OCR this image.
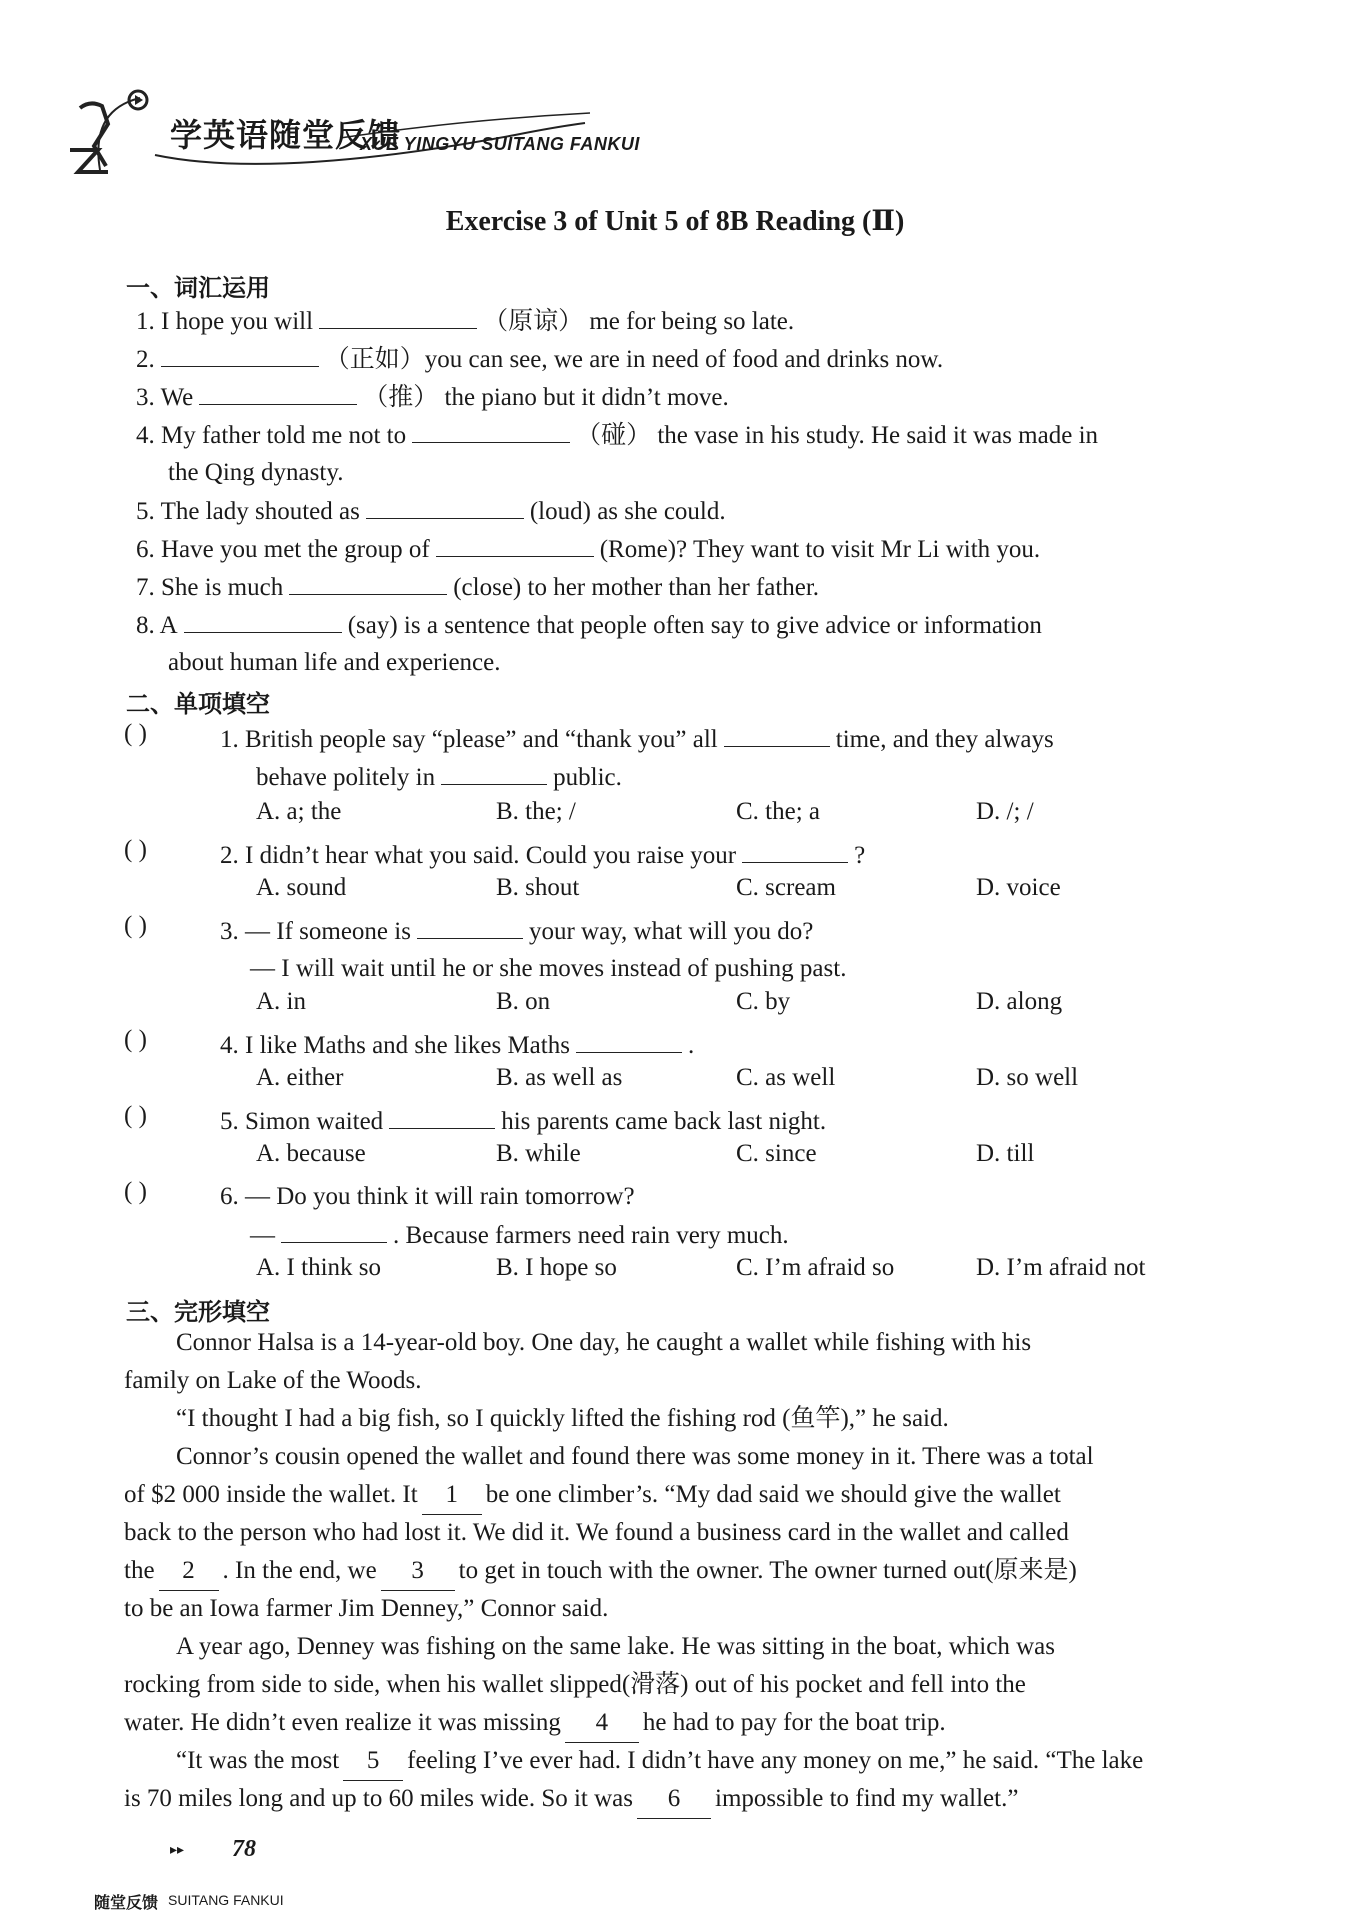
学英语随堂反馈
XUE YINGYU SUITANG FANKUI
Exercise 3 of Unit 5 of 8B Reading (Ⅱ)
一、词汇运用
1. I hope you will	（原谅） me for being so late.
2.	（正如）you can see, we are in need of food and drinks now.
3. We	（推） the piano but it didn’t move.
4. My father told me not to	（碰） the vase in his study. He said it was made in
the Qing dynasty.
5. The lady shouted as	(loud) as she could.
6. Have you met the group of	(Rome)? They want to visit Mr Li with you.
7. She is much	(close) to her mother than her father.
8. A	(say) is a sentence that people often say to give advice or information
about human life and experience.
二、单项填空
( )	1. British people say “please” and “thank you” all	time, and they always
behave politely in	public.
A. a; the	B. the; /	C. the; a	D. /; /
( )	2. I didn’t hear what you said. Could you raise your	?
A. sound	B. shout	C. scream	D. voice
( )	3. — If someone is	your way, what will you do?
— I will wait until he or she moves instead of pushing past.
A. in	B. on	C. by	D. along
( )	4. I like Maths and she likes Maths	.
A. either	B. as well as	C. as well	D. so well
( )	5. Simon waited	his parents came back last night.
A. because	B. while	C. since	D. till
( )	6. — Do you think it will rain tomorrow?
—	. Because farmers need rain very much.
A. I think so	B. I hope so	C. I’m afraid so	D. I’m afraid not
三、完形填空
Connor Halsa is a 14-year-old boy. One day, he caught a wallet while fishing with his
family on Lake of the Woods.
“I thought I had a big fish, so I quickly lifted the fishing rod (鱼竿),” he said.
Connor’s cousin opened the wallet and found there was some money in it. There was a total
of $2 000 inside the wallet. It 1 be one climber’s. “My dad said we should give the wallet
back to the person who had lost it. We did it. We found a business card in the wallet and called
the 2 . In the end, we 3 to get in touch with the owner. The owner turned out(原来是)
to be an Iowa farmer Jim Denney,” Connor said.
A year ago, Denney was fishing on the same lake. He was sitting in the boat, which was
rocking from side to side, when his wallet slipped(滑落) out of his pocket and fell into the
water. He didn’t even realize it was missing 4 he had to pay for the boat trip.
“It was the most 5 feeling I’ve ever had. I didn’t have any money on me,” he said. “The lake
is 70 miles long and up to 60 miles wide. So it was 6 impossible to find my wallet.”
▸▸ 78
随堂反馈 SUITANG FANKUI
